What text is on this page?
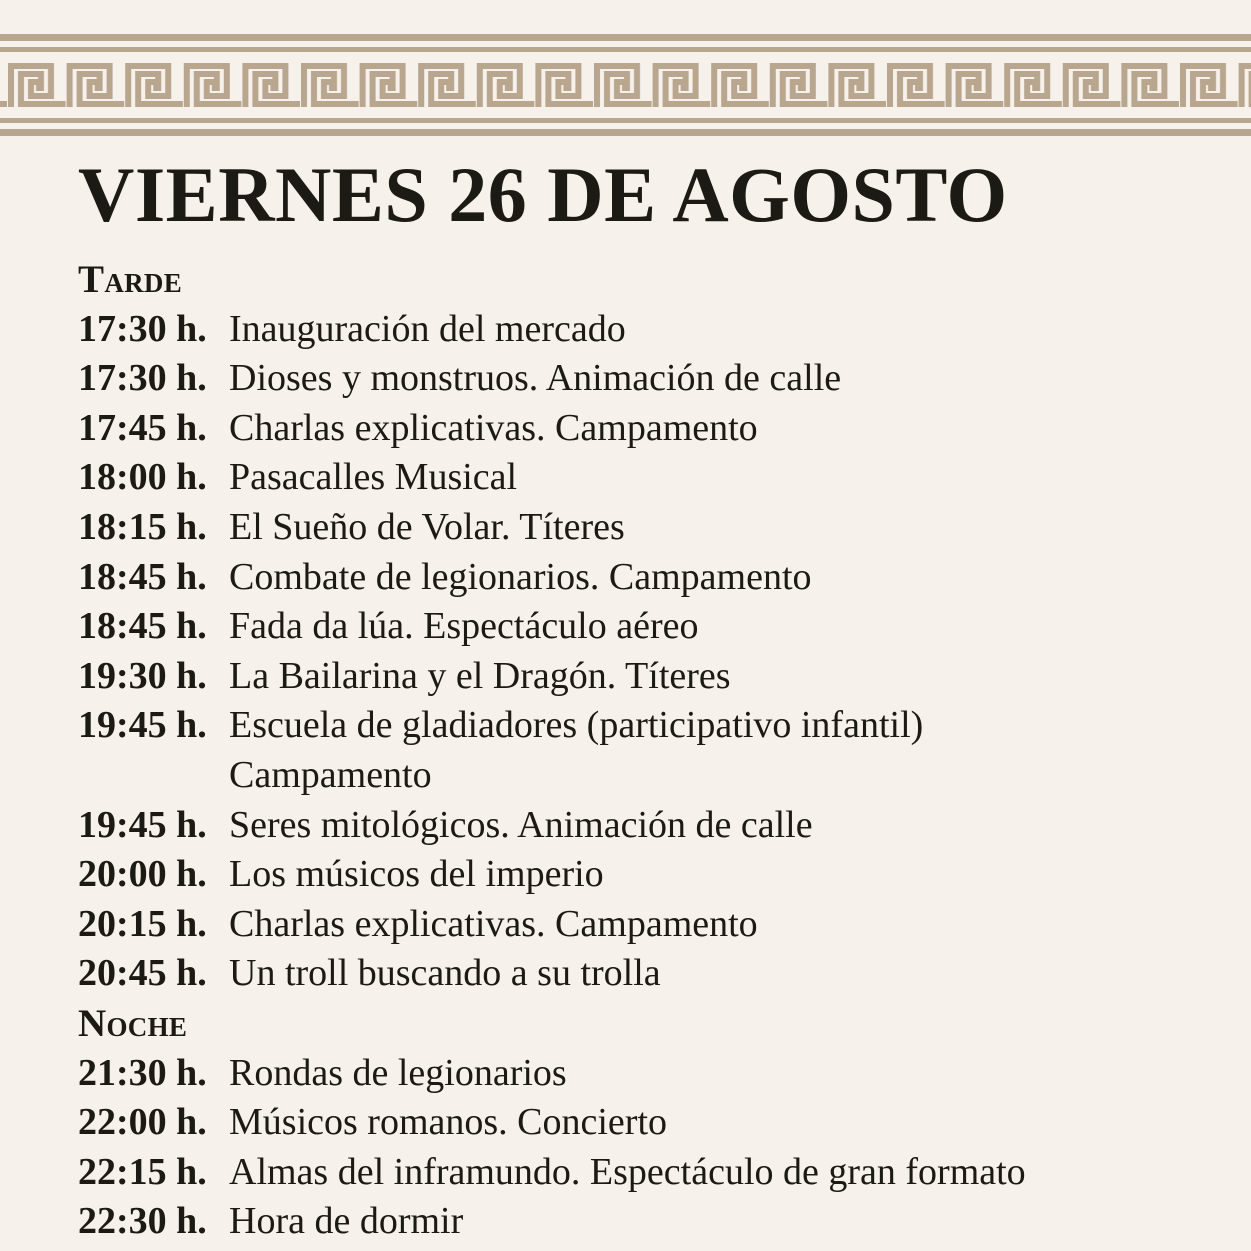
VIERNES 26 DE AGOSTO
Tarde
17:30 h. Inauguración del mercado
17:30 h. Dioses y monstruos. Animación de calle
17:45 h. Charlas explicativas. Campamento
18:00 h. Pasacalles Musical
18:15 h. El Sueño de Volar. Títeres
18:45 h. Combate de legionarios. Campamento
18:45 h. Fada da lúa. Espectáculo aéreo
19:30 h. La Bailarina y el Dragón. Títeres
19:45 h. Escuela de gladiadores (participativo infantil)
Campamento
19:45 h. Seres mitológicos. Animación de calle
20:00 h. Los músicos del imperio
20:15 h. Charlas explicativas. Campamento
20:45 h. Un troll buscando a su trolla
Noche
21:30 h. Rondas de legionarios
22:00 h. Músicos romanos. Concierto
22:15 h. Almas del inframundo. Espectáculo de gran formato
22:30 h. Hora de dormir
